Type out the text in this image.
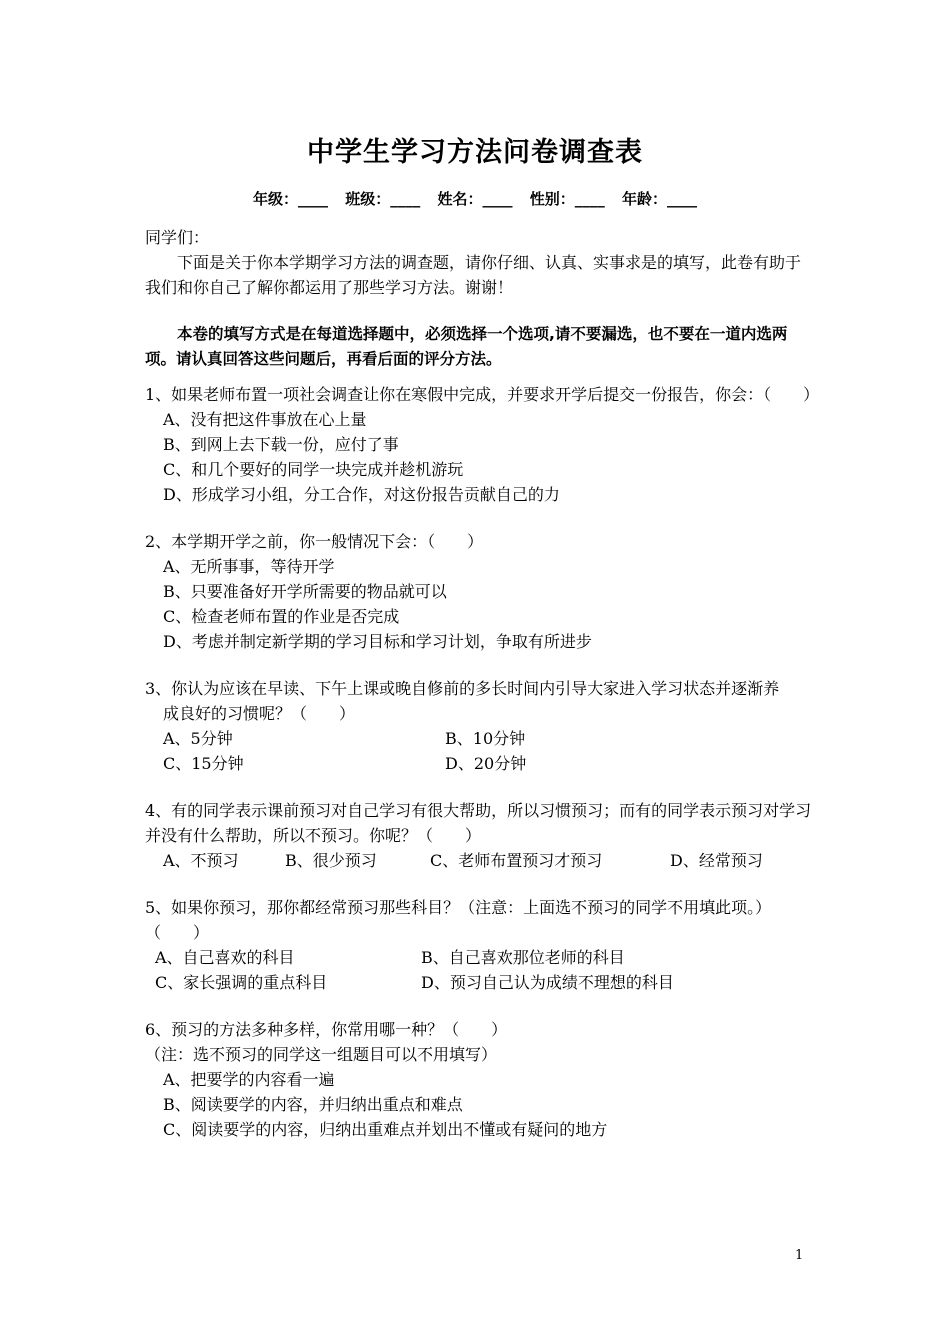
中学生学习方法问卷调查表
年级：____ 班级：____ 姓名：____ 性别：____ 年龄：____

同学们：

下面是关于你本学期学习方法的调查题，请你仔细、认真、实事求是的填写，此卷有助于我们和你自己了解你都运用了那些学习方法。谢谢！

本卷的填写方式是在每道选择题中，必须选择一个选项,请不要漏选，也不要在一道内选两项。请认真回答这些问题后，再看后面的评分方法。

1、如果老师布置一项社会调查让你在寒假中完成，并要求开学后提交一份报告，你会：（　　）

A、没有把这件事放在心上量

B、到网上去下载一份，应付了事

C、和几个要好的同学一块完成并趁机游玩

D、形成学习小组，分工合作，对这份报告贡献自己的力

2、本学期开学之前，你一般情况下会：（　　）

A、无所事事，等待开学

B、只要准备好开学所需要的物品就可以

C、检查老师布置的作业是否完成

D、考虑并制定新学期的学习目标和学习计划，争取有所进步

3、你认为应该在早读、下午上课或晚自修前的多长时间内引导大家进入学习状态并逐渐养

成良好的习惯呢？（　　）

A、5分钟	B、10分钟
C、15分钟	D、20分钟

4、有的同学表示课前预习对自己学习有很大帮助，所以习惯预习；而有的同学表示预习对学习并没有什么帮助，所以不预习。你呢？（　　）

A、不预习	B、很少预习	C、老师布置预习才预习	D、经常预习

5、如果你预习，那你都经常预习那些科目？（注意：上面选不预习的同学不用填此项。）（　　）

A、自己喜欢的科目	B、自己喜欢那位老师的科目
C、家长强调的重点科目	D、预习自己认为成绩不理想的科目

6、预习的方法多种多样，你常用哪一种？（　　）

（注：选不预习的同学这一组题目可以不用填写）

A、把要学的内容看一遍

B、阅读要学的内容，并归纳出重点和难点

C、阅读要学的内容，归纳出重难点并划出不懂或有疑问的地方

1
